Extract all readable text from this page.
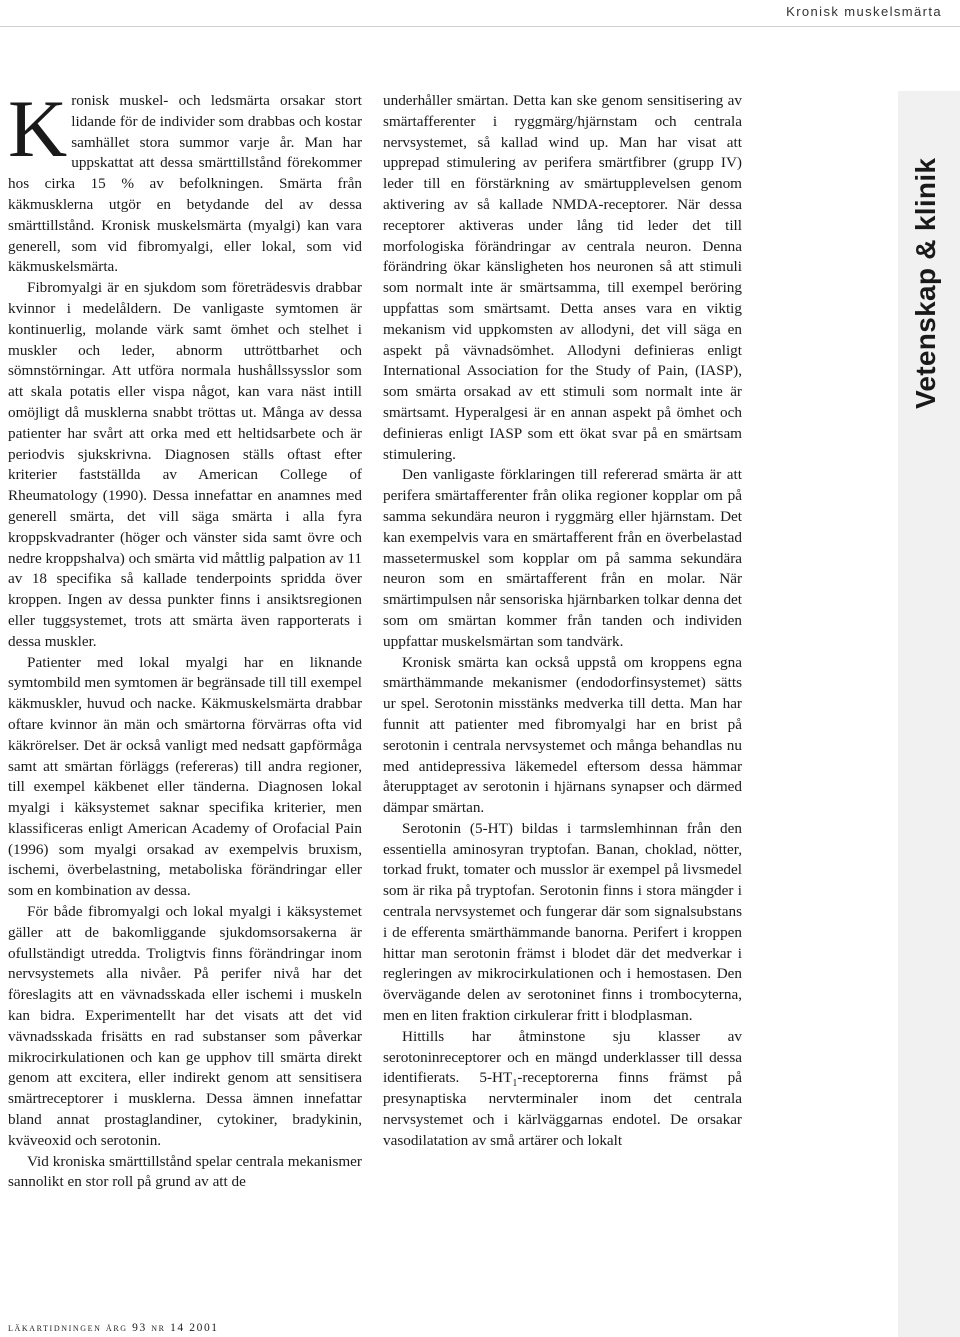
Kronisk muskelsmärta

Kronisk muskel- och ledsmärta orsakar stort lidande för de individer som drabbas och kostar samhället stora summor varje år. Man har uppskattat att dessa smärttillstånd förekommer hos cirka 15 % av befolkningen. Smärta från käkmusklerna utgör en betydande del av dessa smärttillstånd. Kronisk muskelsmärta (myalgi) kan vara generell, som vid fibromyalgi, eller lokal, som vid käkmuskelsmärta.

Fibromyalgi är en sjukdom som företrädesvis drabbar kvinnor i medelåldern. De vanligaste symtomen är kontinuerlig, molande värk samt ömhet och stelhet i muskler och leder, abnorm uttröttbarhet och sömnstörningar. Att utföra normala hushållssysslor som att skala potatis eller vispa något, kan vara näst intill omöjligt då musklerna snabbt tröttas ut. Många av dessa patienter har svårt att orka med ett heltidsarbete och är periodvis sjukskrivna. Diagnosen ställs oftast efter kriterier fastställda av American College of Rheumatology (1990). Dessa innefattar en anamnes med generell smärta, det vill säga smärta i alla fyra kroppskvadranter (höger och vänster sida samt övre och nedre kroppshalva) och smärta vid måttlig palpation av 11 av 18 specifika så kallade tenderpoints spridda över kroppen. Ingen av dessa punkter finns i ansiktsregionen eller tuggsystemet, trots att smärta även rapporterats i dessa muskler.

Patienter med lokal myalgi har en liknande symtombild men symtomen är begränsade till till exempel käkmuskler, huvud och nacke. Käkmuskelsmärta drabbar oftare kvinnor än män och smärtorna förvärras ofta vid käkrörelser. Det är också vanligt med nedsatt gapförmåga samt att smärtan förläggs (refereras) till andra regioner, till exempel käkbenet eller tänderna. Diagnosen lokal myalgi i käksystemet saknar specifika kriterier, men klassificeras enligt American Academy of Orofacial Pain (1996) som myalgi orsakad av exempelvis bruxism, ischemi, överbelastning, metaboliska förändringar eller som en kombination av dessa.

För både fibromyalgi och lokal myalgi i käksystemet gäller att de bakomliggande sjukdomsorsakerna är ofullständigt utredda. Troligtvis finns förändringar inom nervsystemets alla nivåer. På perifer nivå har det föreslagits att en vävnadsskada eller ischemi i muskeln kan bidra. Experimentellt har det visats att det vid vävnadsskada frisätts en rad substanser som påverkar mikrocirkulationen och kan ge upphov till smärta direkt genom att excitera, eller indirekt genom att sensitisera smärtreceptorer i musklerna. Dessa ämnen innefattar bland annat prostaglandiner, cytokiner, bradykinin, kväveoxid och serotonin.

Vid kroniska smärttillstånd spelar centrala mekanismer sannolikt en stor roll på grund av att de

underhåller smärtan. Detta kan ske genom sensitisering av smärtafferenter i ryggmärg/hjärnstam och centrala nervsystemet, så kallad wind up. Man har visat att upprepad stimulering av perifera smärtfibrer (grupp IV) leder till en förstärkning av smärtupplevelsen genom aktivering av så kallade NMDA-receptorer. När dessa receptorer aktiveras under lång tid leder det till morfologiska förändringar av centrala neuron. Denna förändring ökar känsligheten hos neuronen så att stimuli som normalt inte är smärtsamma, till exempel beröring uppfattas som smärtsamt. Detta anses vara en viktig mekanism vid uppkomsten av allodyni, det vill säga en aspekt på vävnadsömhet. Allodyni definieras enligt International Association for the Study of Pain, (IASP), som smärta orsakad av ett stimuli som normalt inte är smärtsamt. Hyperalgesi är en annan aspekt på ömhet och definieras enligt IASP som ett ökat svar på en smärtsam stimulering.

Den vanligaste förklaringen till refererad smärta är att perifera smärtafferenter från olika regioner kopplar om på samma sekundära neuron i ryggmärg eller hjärnstam. Det kan exempelvis vara en smärtafferent från en överbelastad massetermuskel som kopplar om på samma sekundära neuron som en smärtafferent från en molar. När smärtimpulsen når sensoriska hjärnbarken tolkar denna det som om smärtan kommer från tanden och individen uppfattar muskelsmärtan som tandvärk.

Kronisk smärta kan också uppstå om kroppens egna smärthämmande mekanismer (endodorfinsystemet) sätts ur spel. Serotonin misstänks medverka till detta. Man har funnit att patienter med fibromyalgi har en brist på serotonin i centrala nervsystemet och många behandlas nu med antidepressiva läkemedel eftersom dessa hämmar återupptaget av serotonin i hjärnans synapser och därmed dämpar smärtan.

Serotonin (5-HT) bildas i tarmslemhinnan från den essentiella aminosyran tryptofan. Banan, choklad, nötter, torkad frukt, tomater och musslor är exempel på livsmedel som är rika på tryptofan. Serotonin finns i stora mängder i centrala nervsystemet och fungerar där som signalsubstans i de efferenta smärthämmande banorna. Perifert i kroppen hittar man serotonin främst i blodet där det medverkar i regleringen av mikrocirkulationen och i hemostasen. Den övervägande delen av serotoninet finns i trombocyterna, men en liten fraktion cirkulerar fritt i blodplasman.

Hittills har åtminstone sju klasser av serotoninreceptorer och en mängd underklasser till dessa identifierats. $5-HT_1$-receptorerna finns främst på presynaptiska nervterminaler inom det centrala nervsystemet och i kärlväggarnas endotel. De orsakar vasodilatation av små artärer och lokalt

Vetenskap & klinik
läkartidningen årg 93 nr 14 2001
